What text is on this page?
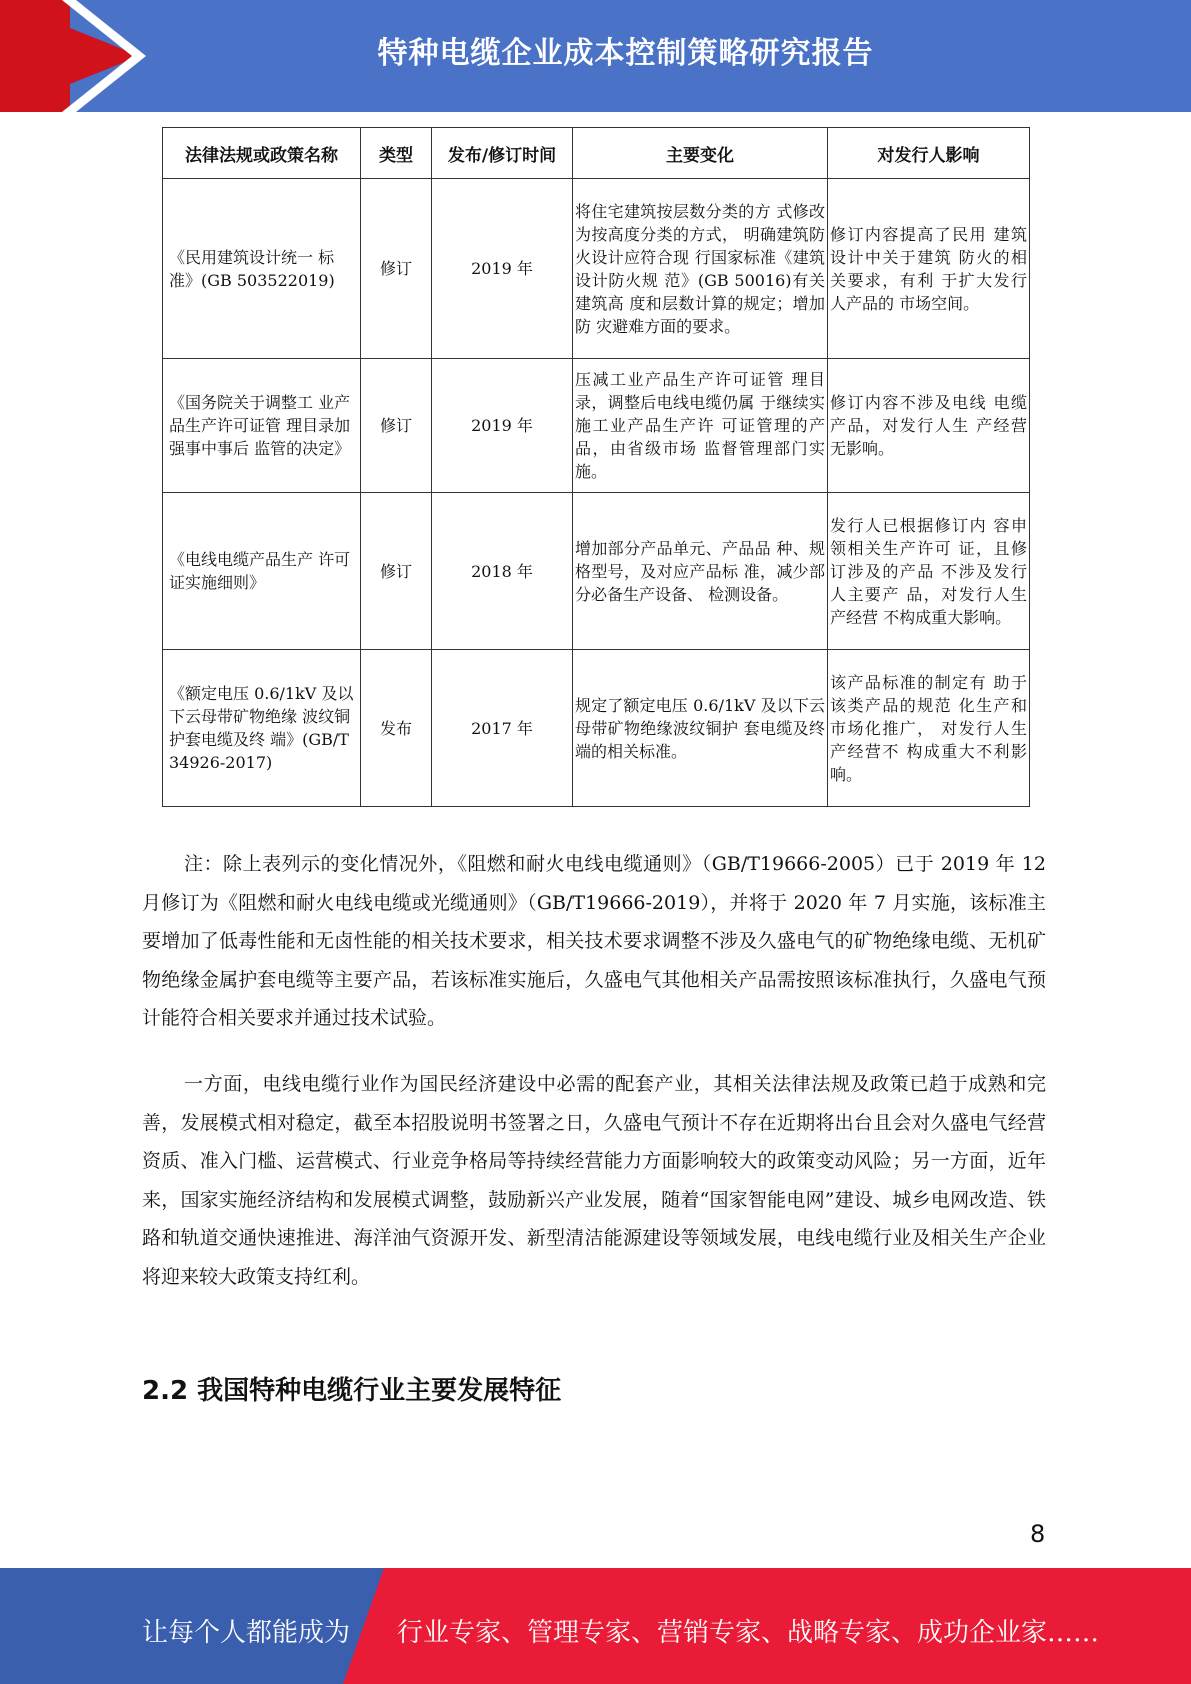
特种电缆企业成本控制策略研究报告
法律法规或政策名称	类型	发布/修订时间	主要变化	对发行人影响
《民用建筑设计统一 标准》(GB 503522019)	修订	2019 年	将住宅建筑按层数分类的方 式修改为按高度分类的方式， 明确建筑防火设计应符合现 行国家标准《建筑设计防火规 范》(GB 50016)有关建筑高 度和层数计算的规定；增加防 灾避难方面的要求。	修订内容提高了民用 建筑设计中关于建筑 防火的相关要求，有利 于扩大发行人产品的 市场空间。
《国务院关于调整工 业产品生产许可证管 理目录加强事中事后 监管的决定》	修订	2019 年	压减工业产品生产许可证管 理目录，调整后电线电缆仍属 于继续实施工业产品生产许 可证管理的产品，由省级市场 监督管理部门实施。	修订内容不涉及电线 电缆产品，对发行人生 产经营无影响。
《电线电缆产品生产 许可证实施细则》	修订	2018 年	增加部分产品单元、产品品 种、规格型号，及对应产品标 准，减少部分必备生产设备、 检测设备。	发行人已根据修订内 容申领相关生产许可 证，且修订涉及的产品 不涉及发行人主要产 品，对发行人生产经营 不构成重大影响。
《额定电压 0.6/1kV 及以下云母带矿物绝缘 波纹铜护套电缆及终 端》(GB/T 34926-2017)	发布	2017 年	规定了额定电压 0.6/1kV 及以下云母带矿物绝缘波纹铜护 套电缆及终端的相关标准。	该产品标准的制定有 助于该类产品的规范 化生产和市场化推广， 对发行人生产经营不 构成重大不利影响。

注：除上表列示的变化情况外，《阻燃和耐火电线电缆通则》（GB/T19666-2005）已于 2019 年 12 月修订为《阻燃和耐火电线电缆或光缆通则》（GB/T19666-2019），并将于 2020 年 7 月实施，该标准主要增加了低毒性能和无卤性能的相关技术要求，相关技术要求调整不涉及久盛电气的矿物绝缘电缆、无机矿物绝缘金属护套电缆等主要产品，若该标准实施后，久盛电气其他相关产品需按照该标准执行，久盛电气预计能符合相关要求并通过技术试验。

一方面，电线电缆行业作为国民经济建设中必需的配套产业，其相关法律法规及政策已趋于成熟和完善，发展模式相对稳定，截至本招股说明书签署之日，久盛电气预计不存在近期将出台且会对久盛电气经营资质、准入门槛、运营模式、行业竞争格局等持续经营能力方面影响较大的政策变动风险；另一方面，近年来，国家实施经济结构和发展模式调整，鼓励新兴产业发展，随着“国家智能电网”建设、城乡电网改造、铁路和轨道交通快速推进、海洋油气资源开发、新型清洁能源建设等领域发展，电线电缆行业及相关生产企业将迎来较大政策支持红利。

2.2 我国特种电缆行业主要发展特征
8
让每个人都能成为 行业专家、管理专家、营销专家、战略专家、成功企业家……
